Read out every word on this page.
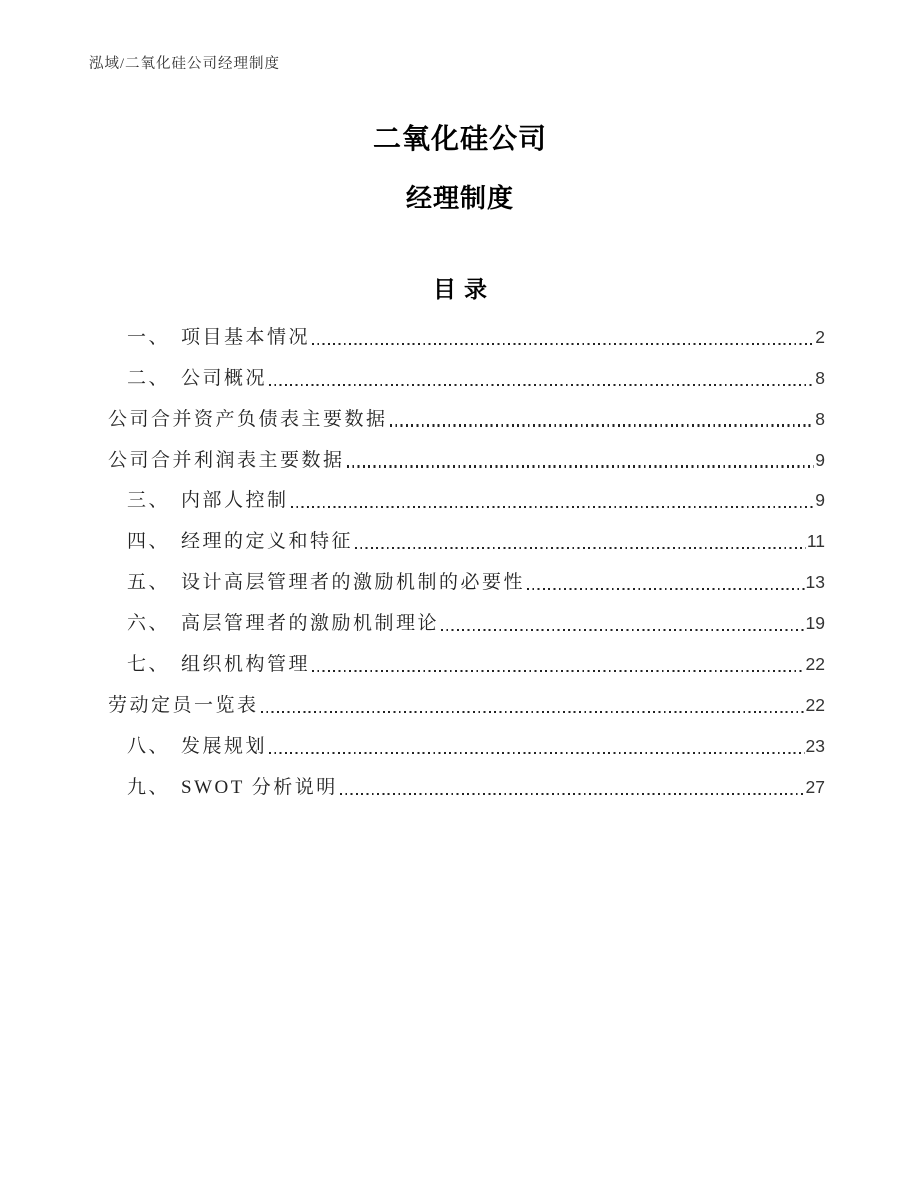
泓域/二氧化硅公司经理制度
二氧化硅公司
经理制度
目录
一、 项目基本情况	2
二、 公司概况	8
公司合并资产负债表主要数据	8
公司合并利润表主要数据	9
三、 内部人控制	9
四、 经理的定义和特征	11
五、 设计高层管理者的激励机制的必要性	13
六、 高层管理者的激励机制理论	19
七、 组织机构管理	22
劳动定员一览表	22
八、 发展规划	23
九、 SWOT 分析说明	27
